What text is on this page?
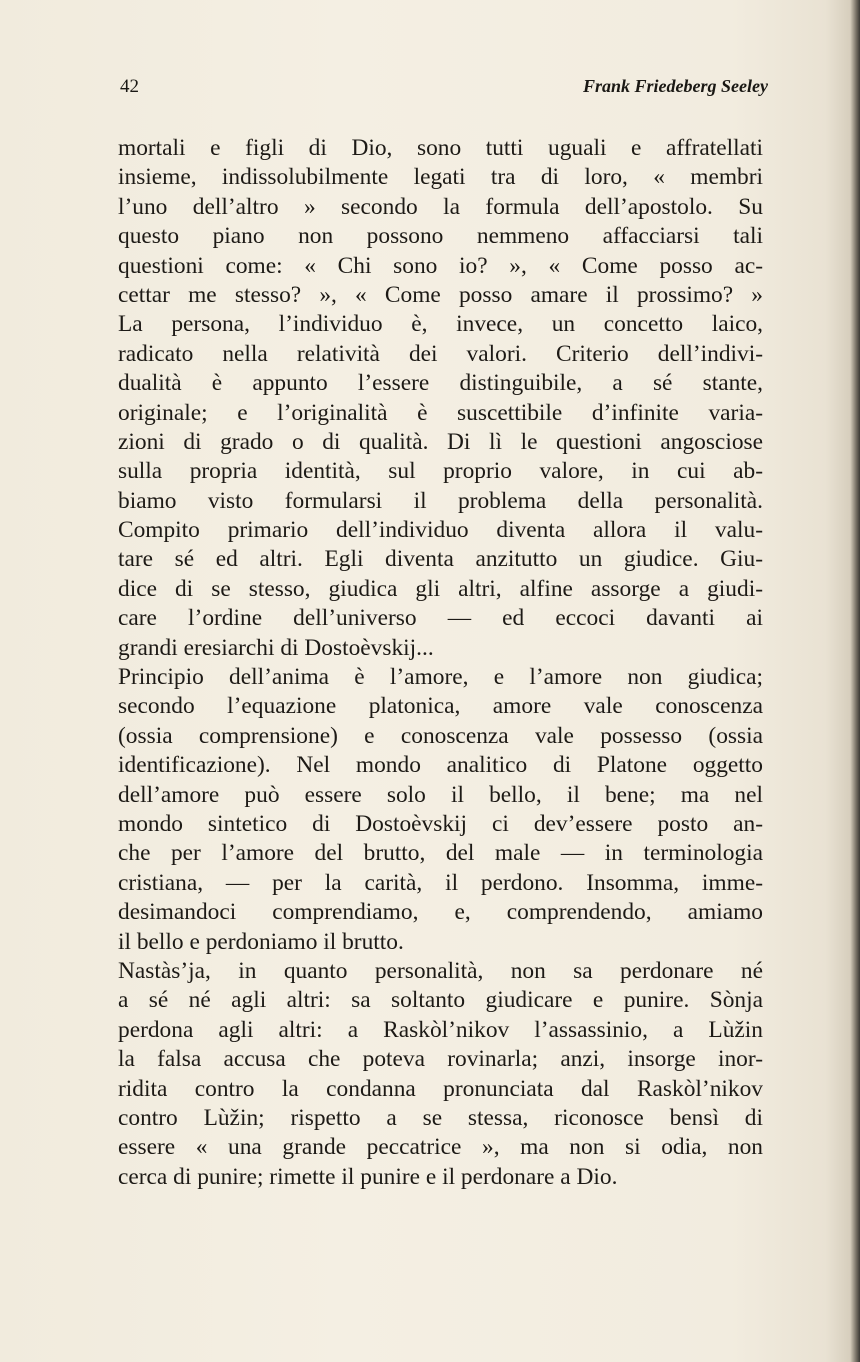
42	Frank Friedeberg Seeley
mortali e figli di Dio, sono tutti uguali e affratellati
insieme, indissolubilmente legati tra di loro, « membri
l’uno dell’altro » secondo la formula dell’apostolo. Su
questo piano non possono nemmeno affacciarsi tali
questioni come: « Chi sono io? », « Come posso ac-
cettar me stesso? », « Come posso amare il prossimo? »
La persona, l’individuo è, invece, un concetto laico,
radicato nella relatività dei valori. Criterio dell’indivi-
dualità è appunto l’essere distinguibile, a sé stante,
originale; e l’originalità è suscettibile d’infinite varia-
zioni di grado o di qualità. Di lì le questioni angosciose
sulla propria identità, sul proprio valore, in cui ab-
biamo visto formularsi il problema della personalità.
Compito primario dell’individuo diventa allora il valu-
tare sé ed altri. Egli diventa anzitutto un giudice. Giu-
dice di se stesso, giudica gli altri, alfine assorge a giudi-
care l’ordine dell’universo — ed eccoci davanti ai
grandi eresiarchi di Dostoèvskij...
Principio dell’anima è l’amore, e l’amore non giudica;
secondo l’equazione platonica, amore vale conoscenza
(ossia comprensione) e conoscenza vale possesso (ossia
identificazione). Nel mondo analitico di Platone oggetto
dell’amore può essere solo il bello, il bene; ma nel
mondo sintetico di Dostoèvskij ci dev’essere posto an-
che per l’amore del brutto, del male — in terminologia
cristiana, — per la carità, il perdono. Insomma, imme-
desimandoci comprendiamo, e, comprendendo, amiamo
il bello e perdoniamo il brutto.
Nastàs’ja, in quanto personalità, non sa perdonare né
a sé né agli altri: sa soltanto giudicare e punire. Sònja
perdona agli altri: a Raskòl’nikov l’assassinio, a Lùžin
la falsa accusa che poteva rovinarla; anzi, insorge inor-
ridita contro la condanna pronunciata dal Raskòl’nikov
contro Lùžin; rispetto a se stessa, riconosce bensì di
essere « una grande peccatrice », ma non si odia, non
cerca di punire; rimette il punire e il perdonare a Dio.
